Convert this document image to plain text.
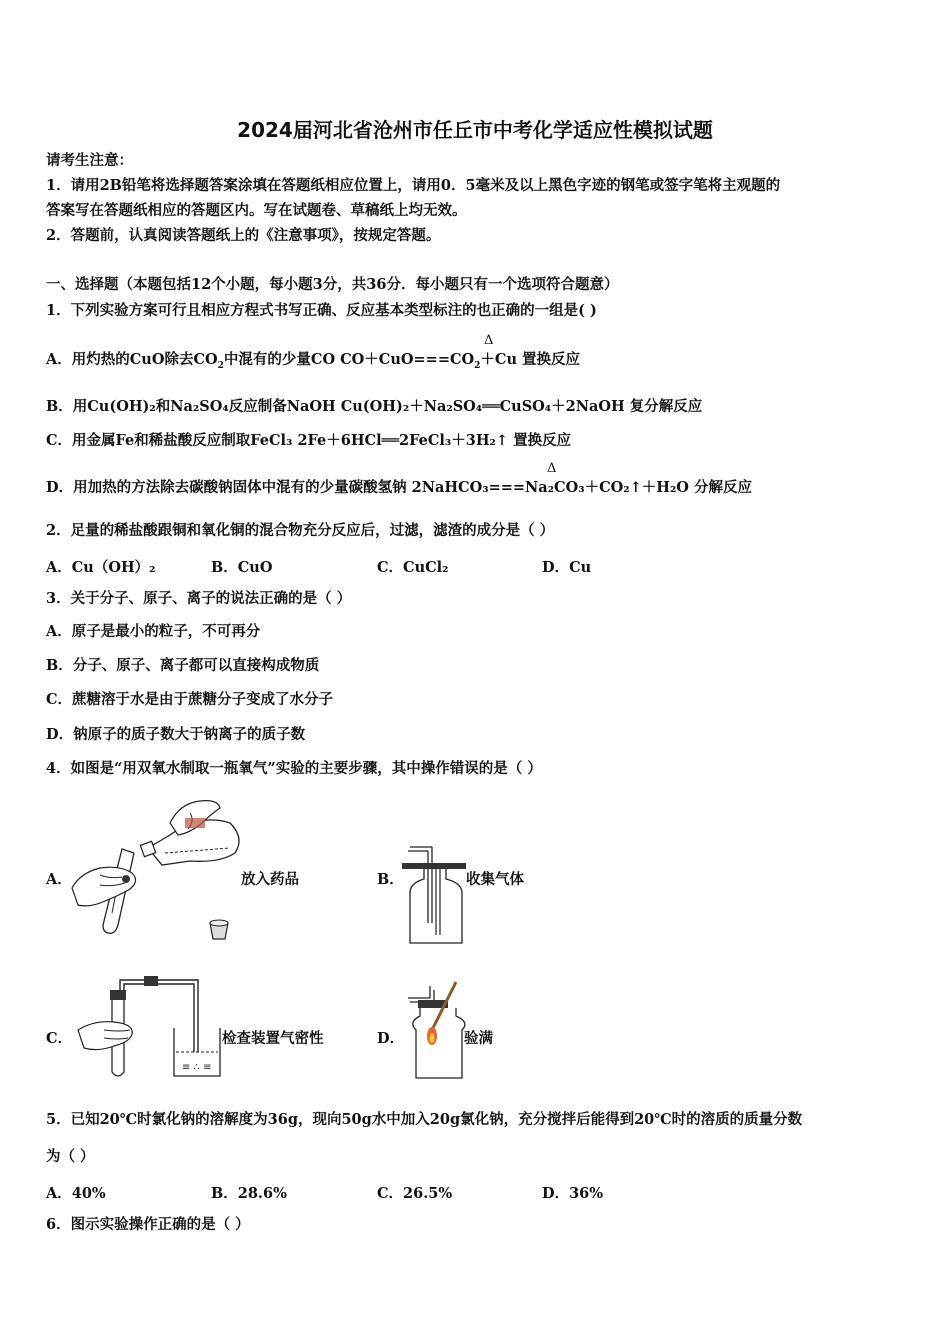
2024届河北省沧州市任丘市中考化学适应性模拟试题
请考生注意：
1．请用2B铅笔将选择题答案涂填在答题纸相应位置上，请用0．5毫米及以上黑色字迹的钢笔或签字笔将主观题的
答案写在答题纸相应的答题区内。写在试题卷、草稿纸上均无效。
2．答题前，认真阅读答题纸上的《注意事项》，按规定答题。
一、选择题（本题包括12个小题，每小题3分，共36分．每小题只有一个选项符合题意）
1．下列实验方案可行且相应方程式书写正确、反应基本类型标注的也正确的一组是( )
Δ
A．用灼热的CuO除去$CO_2$中混有的少量CO $CO+CuO===CO_2+Cu$ 置换反应
B．用Cu(OH)₂和Na₂SO₄反应制备NaOH Cu(OH)₂＋Na₂SO₄══CuSO₄＋2NaOH 复分解反应
C．用金属Fe和稀盐酸反应制取FeCl₃ 2Fe＋6HCl══2FeCl₃＋3H₂↑ 置换反应
Δ
D．用加热的方法除去碳酸钠固体中混有的少量碳酸氢钠 2NaHCO₃===Na₂CO₃＋CO₂↑＋H₂O 分解反应
2．足量的稀盐酸跟铜和氧化铜的混合物充分反应后，过滤，滤渣的成分是（ ）
A．Cu（OH）₂	B．CuO	C．CuCl₂	D．Cu
3．关于分子、原子、离子的说法正确的是（ ）
A．原子是最小的粒子，不可再分
B．分子、原子、离子都可以直接构成物质
C．蔗糖溶于水是由于蔗糖分子变成了水分子
D．钠原子的质子数大于钠离子的质子数
4．如图是“用双氧水制取一瓶氧气”实验的主要步骤，其中操作错误的是（ ）
A．	放入药品	B．	收集气体
C．
≡ ∴ ≡
检查装置气密性	D．	验满
5．已知20℃时氯化钠的溶解度为36g，现向50g水中加入20g氯化钠，充分搅拌后能得到20℃时的溶质的质量分数
为（ ）
A．40%	B．28.6%	C．26.5%	D．36%
6．图示实验操作正确的是（ ）
